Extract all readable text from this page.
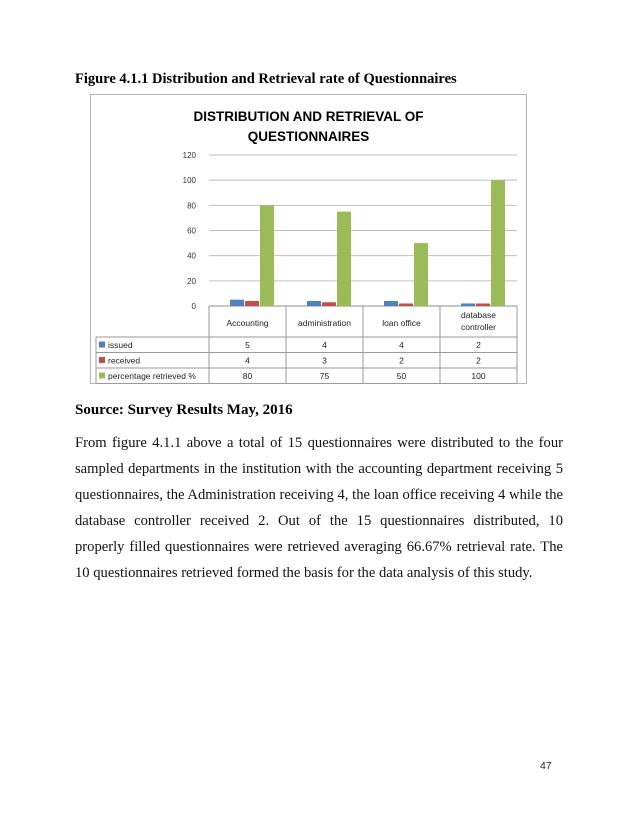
Figure 4.1.1 Distribution and Retrieval rate of Questionnaires
DISTRIBUTION AND RETRIEVAL OF
QUESTIONNAIRES
0
20
40
60
80
100
120
Accounting	administration	loan office
database
controller
issued	5	4	4	2
received	4	3	2	2
percentage retrieved %	80	75	50	100
Source: Survey Results May, 2016
From figure 4.1.1 above a total of 15 questionnaires were distributed to the four sampled departments in the institution with the accounting department receiving 5 questionnaires, the Administration receiving 4, the loan office receiving 4 while the database controller received 2. Out of the 15 questionnaires distributed, 10 properly filled questionnaires were retrieved averaging 66.67% retrieval rate. The 10 questionnaires retrieved formed the basis for the data analysis of this study.
47
